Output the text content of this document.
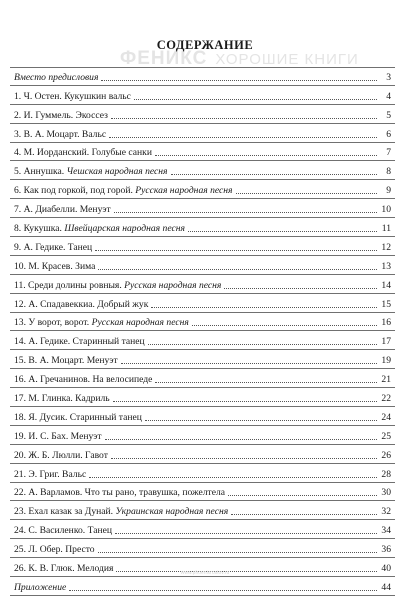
ФЕНИКС ХОРОШИЕ КНИГИ
СОДЕРЖАНИЕ
Вместо предисловия	3
1. Ч. Остен. Кукушкин вальс	4
2. И. Гуммель. Экоссез	5
3. В. А. Моцарт. Вальс	6
4. М. Иорданский. Голубые санки	7
5. Аннушка. Чешская народная песня	8
6. Как под горкой, под горой. Русская народная песня	9
7. А. Диабелли. Менуэт	10
8. Кукушка. Швейцарская народная песня	11
9. А. Гедике. Танец	12
10. М. Красев. Зима	13
11. Среди долины ровныя. Русская народная песня	14
12. А. Спадавеккиа. Добрый жук	15
13. У ворот, ворот. Русская народная песня	16
14. А. Гедике. Старинный танец	17
15. В. А. Моцарт. Менуэт	19
16. А. Гречанинов. На велосипеде	21
17. М. Глинка. Кадриль	22
18. Я. Дусик. Старинный танец	24
19. И. С. Бах. Менуэт	25
20. Ж. Б. Люлли. Гавот	26
21. Э. Григ. Вальс	28
22. А. Варламов. Что ты рано, травушка, пожелтела	30
23. Ехал казак за Дунай. Украинская народная песня	32
24. С. Василенко. Танец	34
25. Л. Обер. Престо	36
26. К. В. Глюк. Мелодия	40
Приложение	44
www.phoenixrostov.ru
